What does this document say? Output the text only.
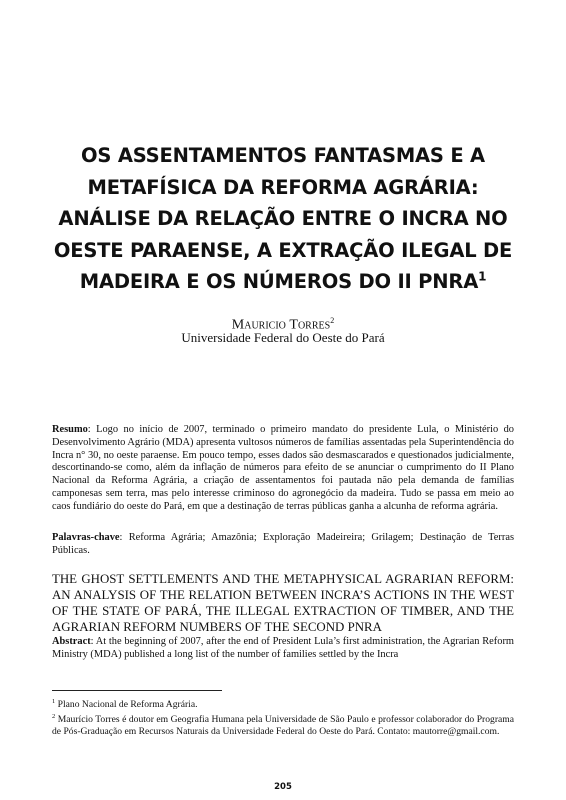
OS ASSENTAMENTOS FANTASMAS E A METAFÍSICA DA REFORMA AGRÁRIA: ANÁLISE DA RELAÇÃO ENTRE O INCRA NO OESTE PARAENSE, A EXTRAÇÃO ILEGAL DE MADEIRA E OS NÚMEROS DO II PNRA$^1$
Mauricio Torres$^2$
Universidade Federal do Oeste do Pará

Resumo: Logo no início de 2007, terminado o primeiro mandato do presidente Lula, o Ministério do Desenvolvimento Agrário (MDA) apresenta vultosos números de famílias assentadas pela Superintendência do Incra n° 30, no oeste paraense. Em pouco tempo, esses dados são desmascarados e questionados judicialmente, descortinando-se como, além da inflação de números para efeito de se anunciar o cumprimento do II Plano Nacional da Reforma Agrária, a criação de assentamentos foi pautada não pela demanda de famílias camponesas sem terra, mas pelo interesse criminoso do agronegócio da madeira. Tudo se passa em meio ao caos fundiário do oeste do Pará, em que a destinação de terras públicas ganha a alcunha de reforma agrária.

Palavras-chave: Reforma Agrária; Amazônia; Exploração Madeireira; Grilagem; Destinação de Terras Públicas.

THE GHOST SETTLEMENTS AND THE METAPHYSICAL AGRARIAN REFORM: AN ANALYSIS OF THE RELATION BETWEEN INCRA’S ACTIONS IN THE WEST OF THE STATE OF PARÁ, THE ILLEGAL EXTRACTION OF TIMBER, AND THE AGRARIAN REFORM NUMBERS OF THE SECOND PNRA

Abstract: At the beginning of 2007, after the end of President Lula’s first administration, the Agrarian Reform Ministry (MDA) published a long list of the number of families settled by the Incra

$^1$ Plano Nacional de Reforma Agrária.

$^2$ Maurício Torres é doutor em Geografia Humana pela Universidade de São Paulo e professor colaborador do Programa de Pós-Graduação em Recursos Naturais da Universidade Federal do Oeste do Pará. Contato: mautorre@gmail.com.

205
